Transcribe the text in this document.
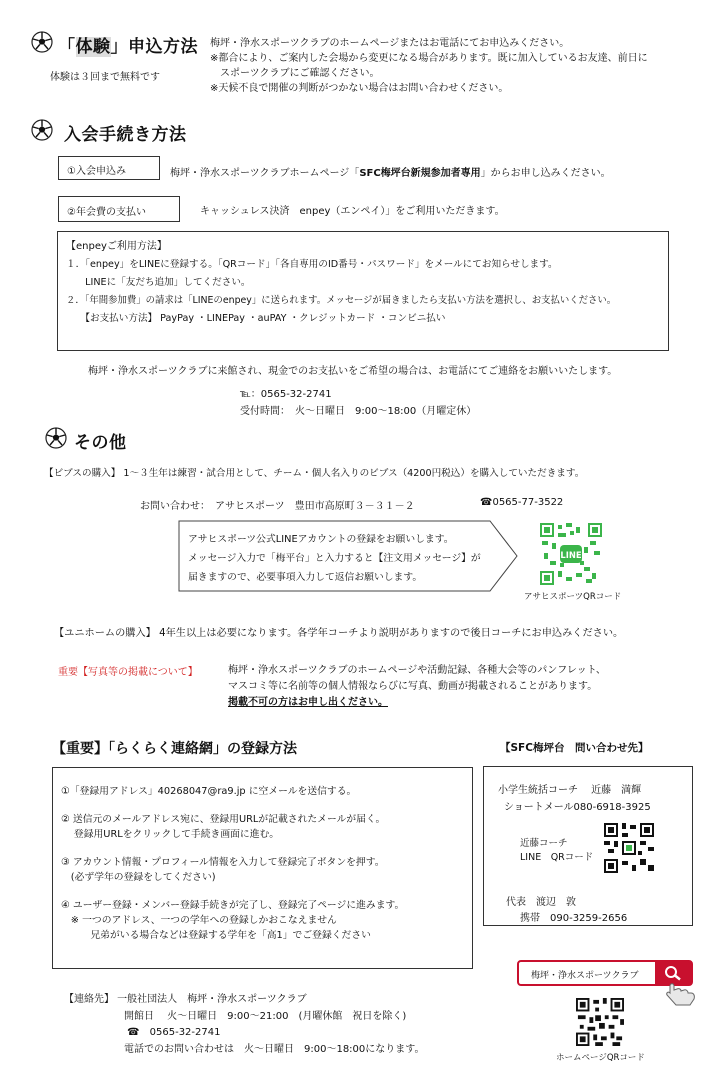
「体験」申込方法
体験は３回まで無料です
梅坪・浄水スポーツクラブのホームページまたはお電話にてお申込みください。
※都合により、ご案内した会場から変更になる場合があります。既に加入しているお友達、前日に
　スポーツクラブにご確認ください。
※天候不良で開催の判断がつかない場合はお問い合わせください。
入会手続き方法
①入会申込み	梅坪・浄水スポーツクラブホームページ「SFC梅坪台新規参加者専用」からお申し込みください。
②年会費の支払い	キャッシュレス決済　enpey（エンペイ）」をご利用いただきます。
【enpeyご利用方法】
１．「enpey」をLINEに登録する。「QRコード」「各自専用のID番号・パスワード」をメールにてお知らせします。
　　LINEに「友だち追加」してください。
２．「年間参加費」の請求は「LINEのenpey」に送られます。メッセージが届きましたら支払い方法を選択し、お支払いください。
　　【お支払い方法】 PayPay ・LINEPay ・auPAY ・クレジットカード ・コンビニ払い
梅坪・浄水スポーツクラブに来館され、現金でのお支払いをご希望の場合は、お電話にてご連絡をお願いいたします。
℡：0565-32-2741
受付時間：　火～日曜日　9:00～18:00（月曜定休）
その他
【ビブスの購入】 1～３生年は練習・試合用として、チーム・個人名入りのビブス（4200円税込）を購入していただきます。
お問い合わせ：　アサヒスポーツ　豊田市高原町３－３１－２	☎0565-77-3522
アサヒスポーツ公式LINEアカウントの登録をお願いします。
メッセージ入力で「梅平台」と入力すると【注文用メッセージ】が
届きますので、必要事項入力して返信お願いします。
LINE
アサヒスポーツQRコード
【ユニホームの購入】 4年生以上は必要になります。各学年コーチより説明がありますので後日コーチにお申込みください。
重要【写真等の掲載について】	梅坪・浄水スポーツクラブのホームページや活動記録、各種大会等のパンフレット、
マスコミ等に名前等の個人情報ならびに写真、動画が掲載されることがあります。
掲載不可の方はお申し出ください。
【重要】「らくらく連絡網」の登録方法
①「登録用アドレス」40268047@ra9.jp に空メールを送信する。
② 送信元のメールアドレス宛に、登録用URLが記載されたメールが届く。
　 登録用URLをクリックして手続き画面に進む。
③ アカウント情報・プロフィール情報を入力して登録完了ボタンを押す。
　(必ず学年の登録をしてください)
④ ユーザー登録・メンバー登録手続きが完了し、登録完了ページに進みます。
　※ 一つのアドレス、一つの学年への登録しかおこなえません
　　　兄弟がいる場合などは登録する学年を「高1」でご登録ください
【SFC梅坪台　問い合わせ先】
小学生統括コーチ　 近藤　満輝
ショートメール080-6918-3925
近藤コーチ
LINE　QRコード
代表　渡辺　敦
携帯　090-3259-2656
梅坪・浄水スポーツクラブ
ホームページQRコード
【連絡先】 一般社団法人　梅坪・浄水スポーツクラブ
　　　　　　開館日　 火～日曜日　9:00～21:00　(月曜休館　祝日を除く)
　　　　　　 ☎　0565-32-2741
　　　　　　電話でのお問い合わせは　火～日曜日　9:00～18:00になります。
